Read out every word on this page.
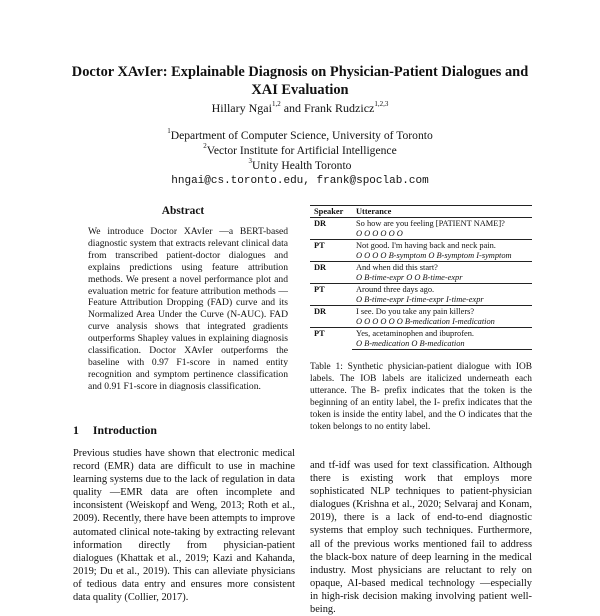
Doctor XAvIer: Explainable Diagnosis on Physician-Patient Dialogues and
XAI Evaluation
Hillary Ngai$^{1,2}$ and Frank Rudzicz$^{1,2,3}$
$^1$Department of Computer Science, University of Toronto
$^2$Vector Institute for Artificial Intelligence
$^3$Unity Health Toronto
hngai@cs.toronto.edu, frank@spoclab.com
Abstract
We introduce Doctor XAvIer —a BERT-based diagnostic system that extracts relevant clinical data from transcribed patient-doctor dialogues and explains predictions using feature attribution methods. We present a novel performance plot and evaluation metric for feature attribution methods —Feature Attribution Dropping (FAD) curve and its Normalized Area Under the Curve (N-AUC). FAD curve analysis shows that integrated gradients outperforms Shapley values in explaining diagnosis classification. Doctor XAvIer outperforms the baseline with 0.97 F1-score in named entity recognition and symptom pertinence classification and 0.91 F1-score in diagnosis classification.
1 Introduction
Previous studies have shown that electronic medical record (EMR) data are difficult to use in machine learning systems due to the lack of regulation in data quality —EMR data are often incomplete and inconsistent (Weiskopf and Weng, 2013; Roth et al., 2009). Recently, there have been attempts to improve automated clinical note-taking by extracting relevant information directly from physician-patient dialogues (Khattak et al., 2019; Kazi and Kahanda, 2019; Du et al., 2019). This can alleviate physicians of tedious data entry and ensures more consistent data quality (Collier, 2017).
Speaker	Utterance
DR	So how are you feeling [PATIENT NAME]?
	O O O O O O
PT	Not good. I'm having back and neck pain.
	O O O O B-symptom O B-symptom I-symptom
DR	And when did this start?
	O B-time-expr O O B-time-expr
PT	Around three days ago.
	O B-time-expr I-time-expr I-time-expr
DR	I see. Do you take any pain killers?
	O O O O O O B-medication I-medication
PT	Yes, acetaminophen and ibuprofen.
	O B-medication O B-medication
Table 1: Synthetic physician-patient dialogue with IOB labels. The IOB labels are italicized underneath each utterance. The B- prefix indicates that the token is the beginning of an entity label, the I- prefix indicates that the token is inside the entity label, and the O indicates that the token belongs to no entity label.
and tf-idf was used for text classification. Although there is existing work that employs more sophisticated NLP techniques to patient-physician dialogues (Krishna et al., 2020; Selvaraj and Konam, 2019), there is a lack of end-to-end diagnostic systems that employ such techniques. Furthermore, all of the previous works mentioned fail to address the black-box nature of deep learning in the medical industry. Most physicians are reluctant to rely on opaque, AI-based medical technology —especially in high-risk decision making involving patient well-being.
